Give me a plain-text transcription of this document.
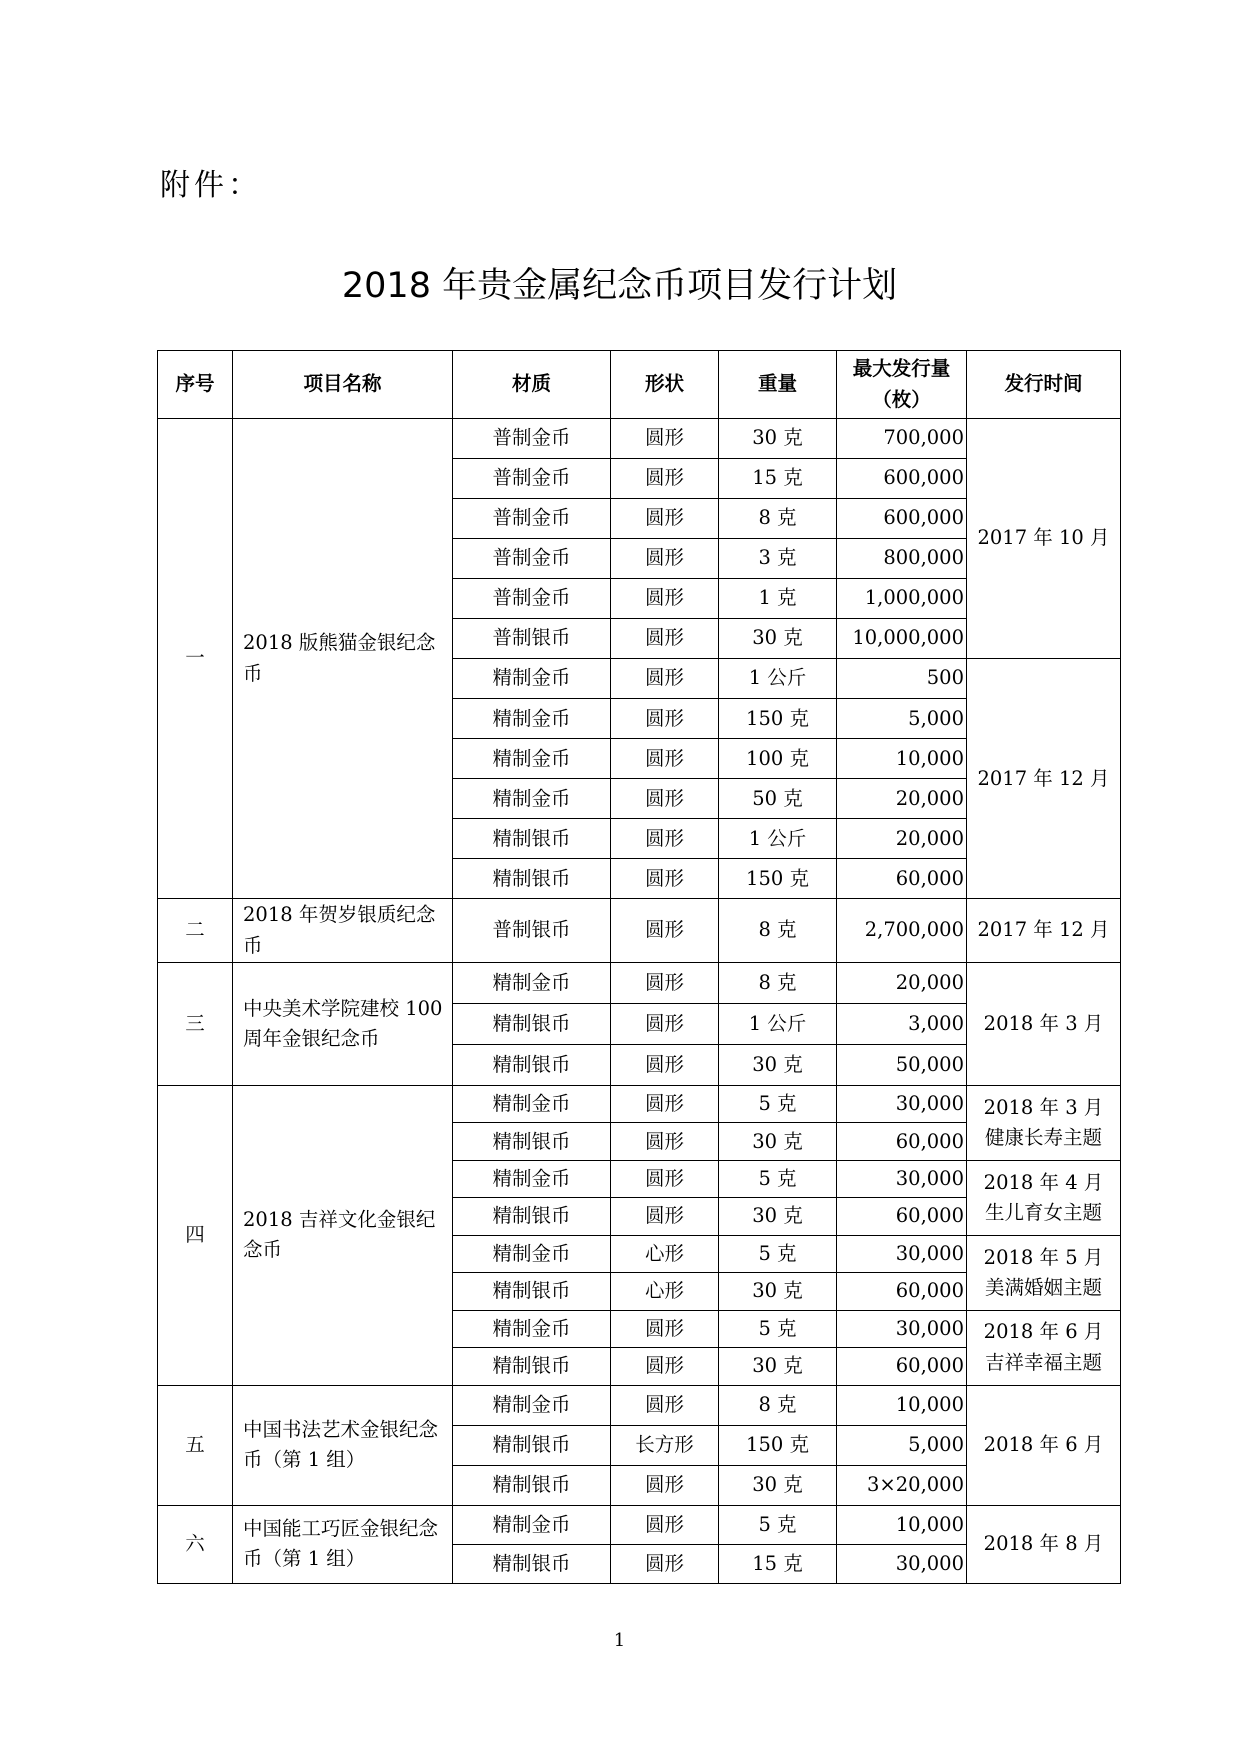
附件：
2018 年贵金属纪念币项目发行计划
序号	项目名称	材质	形状	重量	最大发行量（枚）	发行时间
一	2018 版熊猫金银纪念币	普制金币	圆形	30 克	700,000	2017 年 10 月

		普制金币	圆形	15 克	600,000	
		普制金币	圆形	8 克	600,000	
		普制金币	圆形	3 克	800,000	
		普制金币	圆形	1 克	1,000,000	
		普制银币	圆形	30 克	10,000,000	
		精制金币	圆形	1 公斤	500	2017 年 12 月

		精制金币	圆形	150 克	5,000	
		精制金币	圆形	100 克	10,000	
		精制金币	圆形	50 克	20,000	
		精制银币	圆形	1 公斤	20,000	
		精制银币	圆形	150 克	60,000	
二	2018 年贺岁银质纪念币	普制银币	圆形	8 克	2,700,000	2017 年 12 月

三	中央美术学院建校 100 周年金银纪念币	精制金币	圆形	8 克	20,000	2018 年 3 月

		精制银币	圆形	1 公斤	3,000	
		精制银币	圆形	30 克	50,000	
四	2018 吉祥文化金银纪念币	精制金币	圆形	5 克	30,000	2018 年 3 月
健康长寿主题

		精制银币	圆形	30 克	60,000	
		精制金币	圆形	5 克	30,000	2018 年 4 月
生儿育女主题

		精制银币	圆形	30 克	60,000	
		精制金币	心形	5 克	30,000	2018 年 5 月
美满婚姻主题

		精制银币	心形	30 克	60,000	
		精制金币	圆形	5 克	30,000	2018 年 6 月
吉祥幸福主题

		精制银币	圆形	30 克	60,000	
五	中国书法艺术金银纪念币（第 1 组）	精制金币	圆形	8 克	10,000	2018 年 6 月

		精制银币	长方形	150 克	5,000	
		精制银币	圆形	30 克	3×20,000	
六	中国能工巧匠金银纪念币（第 1 组）	精制金币	圆形	5 克	10,000	2018 年 8 月

		精制银币	圆形	15 克	30,000	
1
